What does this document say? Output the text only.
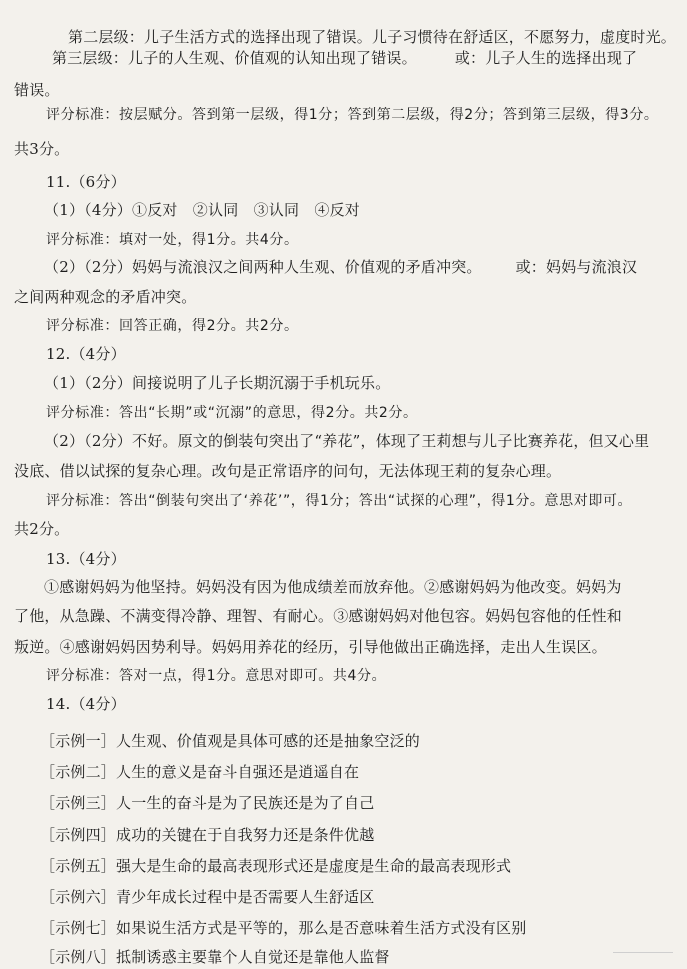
第二层级：儿子生活方式的选择出现了错误。儿子习惯待在舒适区，不愿努力，虚度时光。
第三层级：儿子的人生观、价值观的认知出现了错误。	或：儿子人生的选择出现了
错误。
评分标准：按层赋分。答到第一层级，得1分；答到第二层级，得2分；答到第三层级，得3分。
共3分。
11.（6分）
（1）（4分）①反对　②认同　③认同　④反对
评分标准：填对一处，得1分。共4分。
（2）（2分）妈妈与流浪汉之间两种人生观、价值观的矛盾冲突。 或：妈妈与流浪汉
之间两种观念的矛盾冲突。
评分标准：回答正确，得2分。共2分。
12.（4分）
（1）（2分）间接说明了儿子长期沉溺于手机玩乐。
评分标准：答出“长期”或“沉溺”的意思，得2分。共2分。
（2）（2分）不好。原文的倒装句突出了“养花”，体现了王莉想与儿子比赛养花，但又心里
没底、借以试探的复杂心理。改句是正常语序的问句，无法体现王莉的复杂心理。
评分标准：答出“倒装句突出了‘养花’”，得1分；答出“试探的心理”，得1分。意思对即可。
共2分。
13.（4分）
①感谢妈妈为他坚持。妈妈没有因为他成绩差而放弃他。②感谢妈妈为他改变。妈妈为
了他，从急躁、不满变得冷静、理智、有耐心。③感谢妈妈对他包容。妈妈包容他的任性和
叛逆。④感谢妈妈因势利导。妈妈用养花的经历，引导他做出正确选择，走出人生误区。
评分标准：答对一点，得1分。意思对即可。共4分。
14.（4分）
［示例一］人生观、价值观是具体可感的还是抽象空泛的
［示例二］人生的意义是奋斗自强还是逍遥自在
［示例三］人一生的奋斗是为了民族还是为了自己
［示例四］成功的关键在于自我努力还是条件优越
［示例五］强大是生命的最高表现形式还是虚度是生命的最高表现形式
［示例六］青少年成长过程中是否需要人生舒适区
［示例七］如果说生活方式是平等的，那么是否意味着生活方式没有区别
［示例八］抵制诱惑主要靠个人自觉还是靠他人监督
